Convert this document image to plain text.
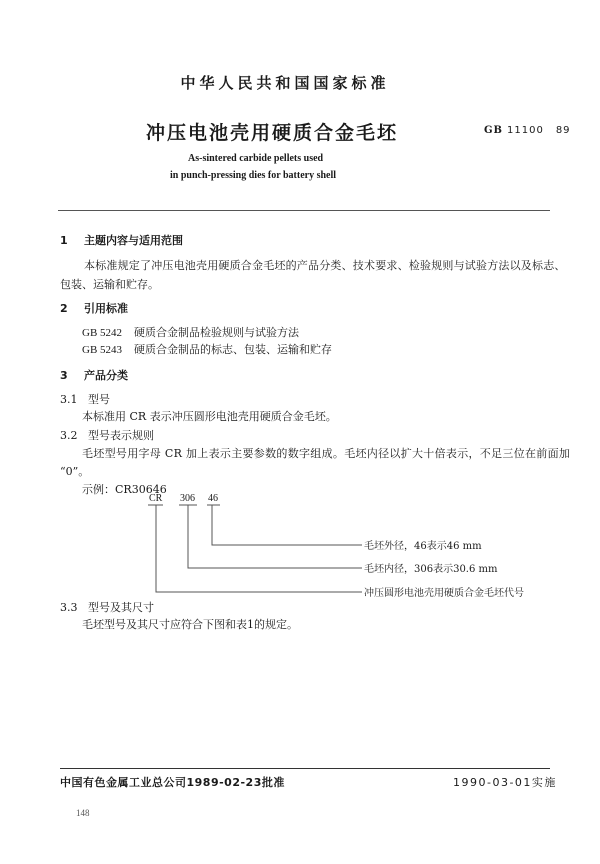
中华人民共和国国家标准
冲压电池壳用硬质合金毛坯	GB 11100 89
As-sintered carbide pellets used
in punch-pressing dies for battery shell
1 主题内容与适用范围
本标准规定了冲压电池壳用硬质合金毛坯的产品分类、技术要求、检验规则与试验方法以及标志、
包装、运输和贮存。
2 引用标准
GB 5242 硬质合金制品检验规则与试验方法
GB 5243 硬质合金制品的标志、包装、运输和贮存
3 产品分类
3.1 型号
本标准用 CR 表示冲压圆形电池壳用硬质合金毛坯。
3.2 型号表示规则
毛坯型号用字母 CR 加上表示主要参数的数字组成。毛坯内径以扩大十倍表示，不足三位在前面加
“0”。
示例：CR30646
CR 306 46
毛坯外径，46表示46 mm
毛坯内径，306表示30.6 mm
冲压圆形电池壳用硬质合金毛坯代号
3.3 型号及其尺寸
毛坯型号及其尺寸应符合下图和表1的规定。
中国有色金属工业总公司1989-02-23批准	1990-03-01实施
148
